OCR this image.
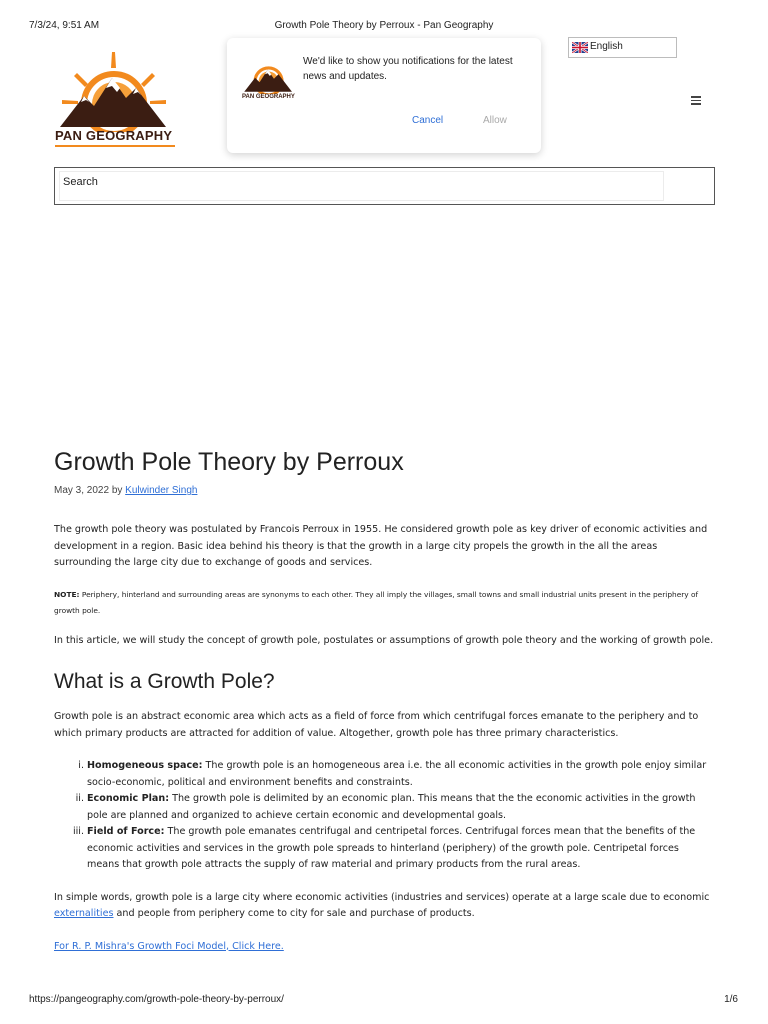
7/3/24, 9:51 AM	Growth Pole Theory by Perroux - Pan Geography
PAN GEOGRAPHY
PAN GEOGRAPHY
We'd like to show you notifications for the latest news and updates.
Cancel	Allow
English
Search
Growth Pole Theory by Perroux
May 3, 2022 by Kulwinder Singh

The growth pole theory was postulated by Francois Perroux in 1955. He considered growth pole as key driver of economic activities and development in a region. Basic idea behind his theory is that the growth in a large city propels the growth in the all the areas surrounding the large city due to exchange of goods and services.

NOTE: Periphery, hinterland and surrounding areas are synonyms to each other. They all imply the villages, small towns and small industrial units present in the periphery of growth pole.

In this article, we will study the concept of growth pole, postulates or assumptions of growth pole theory and the working of growth pole.

What is a Growth Pole?

Growth pole is an abstract economic area which acts as a field of force from which centrifugal forces emanate to the periphery and to which primary products are attracted for addition of value. Altogether, growth pole has three primary characteristics.

i. Homogeneous space: The growth pole is an homogeneous area i.e. the all economic activities in the growth pole enjoy similar socio-economic, political and environment benefits and constraints.
ii. Economic Plan: The growth pole is delimited by an economic plan. This means that the the economic activities in the growth pole are planned and organized to achieve certain economic and developmental goals.
iii. Field of Force: The growth pole emanates centrifugal and centripetal forces. Centrifugal forces mean that the benefits of the economic activities and services in the growth pole spreads to hinterland (periphery) of the growth pole. Centripetal forces means that growth pole attracts the supply of raw material and primary products from the rural areas.

In simple words, growth pole is a large city where economic activities (industries and services) operate at a large scale due to economic externalities and people from periphery come to city for sale and purchase of products.

For R. P. Mishra's Growth Foci Model, Click Here.

https://pangeography.com/growth-pole-theory-by-perroux/	1/6
